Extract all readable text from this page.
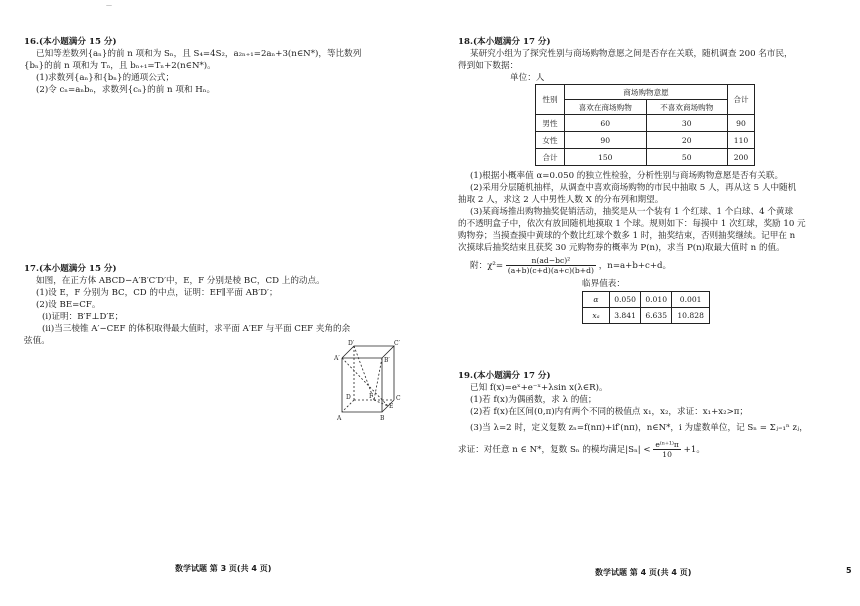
—
16.(本小题满分 15 分)
已知等差数列{aₙ}的前 n 项和为 Sₙ，且 S₄=4S₂，a₂ₙ₊₁=2aₙ+3(n∈N*)，等比数列
{bₙ}的前 n 项和为 Tₙ，且 bₙ₊₁=Tₙ+2(n∈N*)。
(1)求数列{aₙ}和{bₙ}的通项公式；
(2)令 cₙ=aₙbₙ，求数列{cₙ}的前 n 项和 Hₙ。
17.(本小题满分 15 分)
如图，在正方体 ABCD−A′B′C′D′中，E，F 分别是棱 BC，CD 上的动点。
(1)设 E，F 分别为 BC，CD 的中点，证明：EF∥平面 AB′D′；
(2)设 BE=CF。
(ⅰ)证明：B′F⊥D′E；
(ⅱ)当三棱锥 A′−CEF 的体积取得最大值时，求平面 A′EF 与平面 CEF 夹角的余
弦值。	D′	C′
A′	B′
D	C
A	B
F
E
数学试题 第 3 页(共 4 页)
18.(本小题满分 17 分)
某研究小组为了探究性别与商场购物意愿之间是否存在关联，随机调查 200 名市民，
得到如下数据：
单位：人
性别	商场购物意愿		合计
	喜欢在商场购物	不喜欢商场购物	
男性	60	30	90
女性	90	20	110
合计	150	50	200
(1)根据小概率值 α=0.050 的独立性检验，分析性别与商场购物意愿是否有关联。
(2)采用分层随机抽样，从调查中喜欢商场购物的市民中抽取 5 人，再从这 5 人中随机
抽取 2 人，求这 2 人中男性人数 X 的分布列和期望。
(3)某商场推出购物抽奖促销活动，抽奖是从一个装有 1 个红球、1 个白球、4 个黄球
的不透明盒子中，依次有放回随机地摸取 1 个球。规则如下：每摸中 1 次红球，奖励 10 元
购物券；当摸查摸中黄球的个数比红球个数多 1 时，抽奖结束，否则抽奖继续。记甲在 n
次摸球后抽奖结束且获奖 30 元购物券的概率为 P(n)，求当 P(n)取最大值时 n 的值。
附：$\chi^2= \frac{\text{n(ad−bc)²}}{(a+b)(c+d)(a+c)(b+d)}$ ，n=a+b+c+d。
临界值表：
α	0.050	0.010	0.001
xₐ	3.841	6.635	10.828
19.(本小题满分 17 分)
已知 f(x)=eˣ+e⁻ˣ+λsin x(λ∈R)。
(1)若 f(x)为偶函数，求 λ 的值；
(2)若 f(x)在区间(0,π)内有两个不同的极值点 x₁，x₂，求证：x₁+x₂>π；
(3)当 λ=2 时，定义复数 zₙ=f(nπ)+if′(nπ)，n∈N*，i 为虚数单位，记 Sₙ = Σⱼ₌₁ⁿ zⱼ，
求证：对任意 n ∈ N*，复数 Sₙ 的模均满足$|S_n| < \frac{\text{e⁽ⁿ⁺¹⁾π}}{10} +1$。
数学试题 第 4 页(共 4 页)	5
